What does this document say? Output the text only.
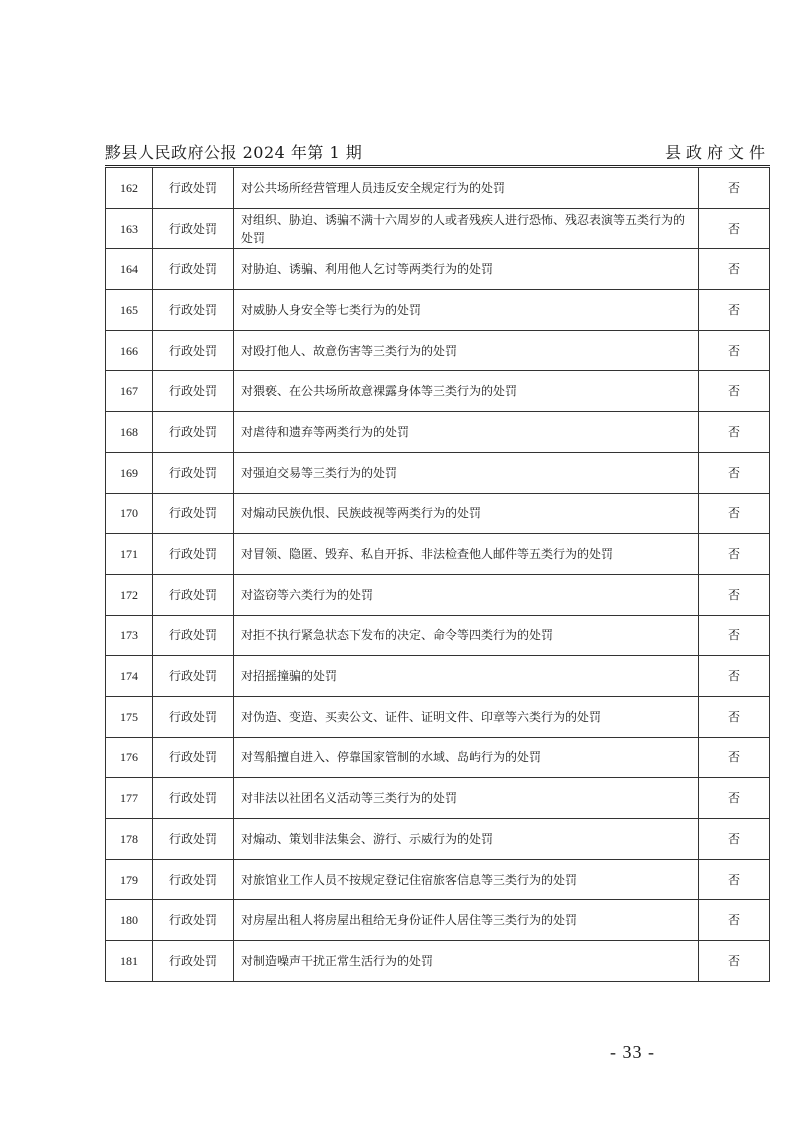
黟县人民政府公报 2024 年第 1 期	县政府文件
162	行政处罚	对公共场所经营管理人员违反安全规定行为的处罚	否
163	行政处罚	对组织、胁迫、诱骗不满十六周岁的人或者残疾人进行恐怖、残忍表演等五类行为的处罚	否
164	行政处罚	对胁迫、诱骗、利用他人乞讨等两类行为的处罚	否
165	行政处罚	对威胁人身安全等七类行为的处罚	否
166	行政处罚	对殴打他人、故意伤害等三类行为的处罚	否
167	行政处罚	对猥亵、在公共场所故意裸露身体等三类行为的处罚	否
168	行政处罚	对虐待和遗弃等两类行为的处罚	否
169	行政处罚	对强迫交易等三类行为的处罚	否
170	行政处罚	对煽动民族仇恨、民族歧视等两类行为的处罚	否
171	行政处罚	对冒领、隐匿、毁弃、私自开拆、非法检查他人邮件等五类行为的处罚	否
172	行政处罚	对盗窃等六类行为的处罚	否
173	行政处罚	对拒不执行紧急状态下发布的决定、命令等四类行为的处罚	否
174	行政处罚	对招摇撞骗的处罚	否
175	行政处罚	对伪造、变造、买卖公文、证件、证明文件、印章等六类行为的处罚	否
176	行政处罚	对驾船擅自进入、停靠国家管制的水域、岛屿行为的处罚	否
177	行政处罚	对非法以社团名义活动等三类行为的处罚	否
178	行政处罚	对煽动、策划非法集会、游行、示威行为的处罚	否
179	行政处罚	对旅馆业工作人员不按规定登记住宿旅客信息等三类行为的处罚	否
180	行政处罚	对房屋出租人将房屋出租给无身份证件人居住等三类行为的处罚	否
181	行政处罚	对制造噪声干扰正常生活行为的处罚	否
- 33 -
